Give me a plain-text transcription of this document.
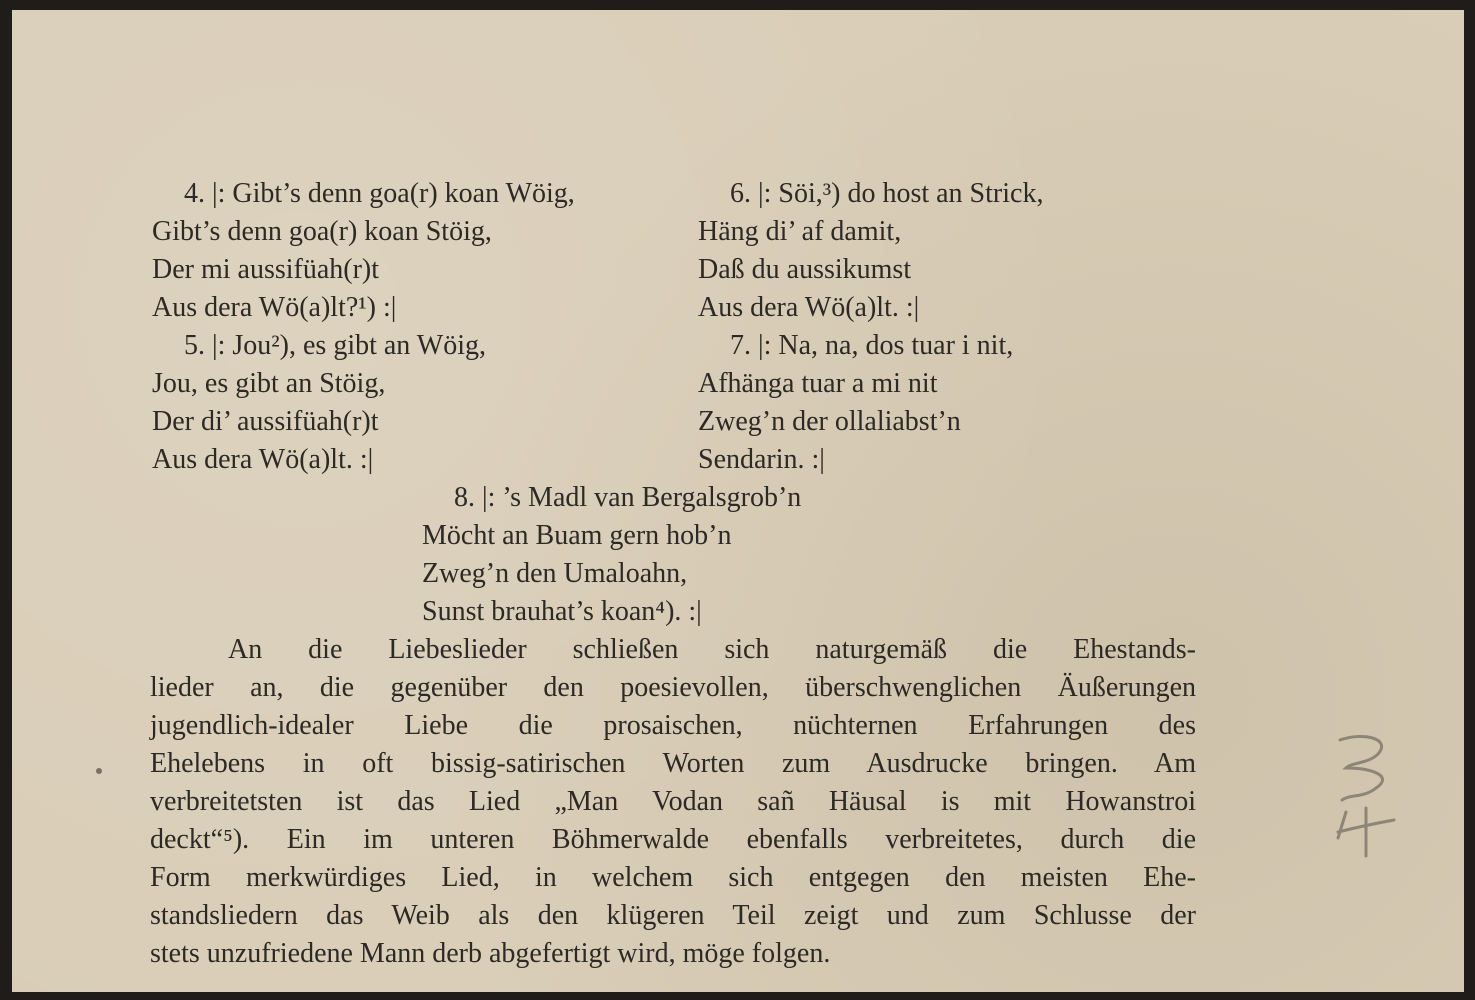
4. |: Gibt’s denn goa(r) koan Wöig,
Gibt’s denn goa(r) koan Stöig,
Der mi aussifüah(r)t
Aus dera Wö(a)lt?¹) :|
5. |: Jou²), es gibt an Wöig,
Jou, es gibt an Stöig,
Der di’ aussifüah(r)t
Aus dera Wö(a)lt. :|
6. |: Söi,³) do host an Strick,
Häng di’ af damit,
Daß du aussikumst
Aus dera Wö(a)lt. :|
7. |: Na, na, dos tuar i nit,
Afhänga tuar a mi nit
Zweg’n der ollaliabst’n
Sendarin. :|
8. |: ’s Madl van Bergalsgrob’n
Möcht an Buam gern hob’n
Zweg’n den Umaloahn,
Sunst brauhat’s koan⁴). :|
An die Liebeslieder schließen sich naturgemäß die Ehestands-
lieder an, die gegenüber den poesievollen, überschwenglichen Äußerungen
jugendlich-idealer Liebe die prosaischen, nüchternen Erfahrungen des
Ehelebens in oft bissig-satirischen Worten zum Ausdrucke bringen. Am
verbreitetsten ist das Lied „Man Vodan sañ Häusal is mit Howanstroi
deckt“⁵). Ein im unteren Böhmerwalde ebenfalls verbreitetes, durch die
Form merkwürdiges Lied, in welchem sich entgegen den meisten Ehe-
standsliedern das Weib als den klügeren Teil zeigt und zum Schlusse der
stets unzufriedene Mann derb abgefertigt wird, möge folgen.
